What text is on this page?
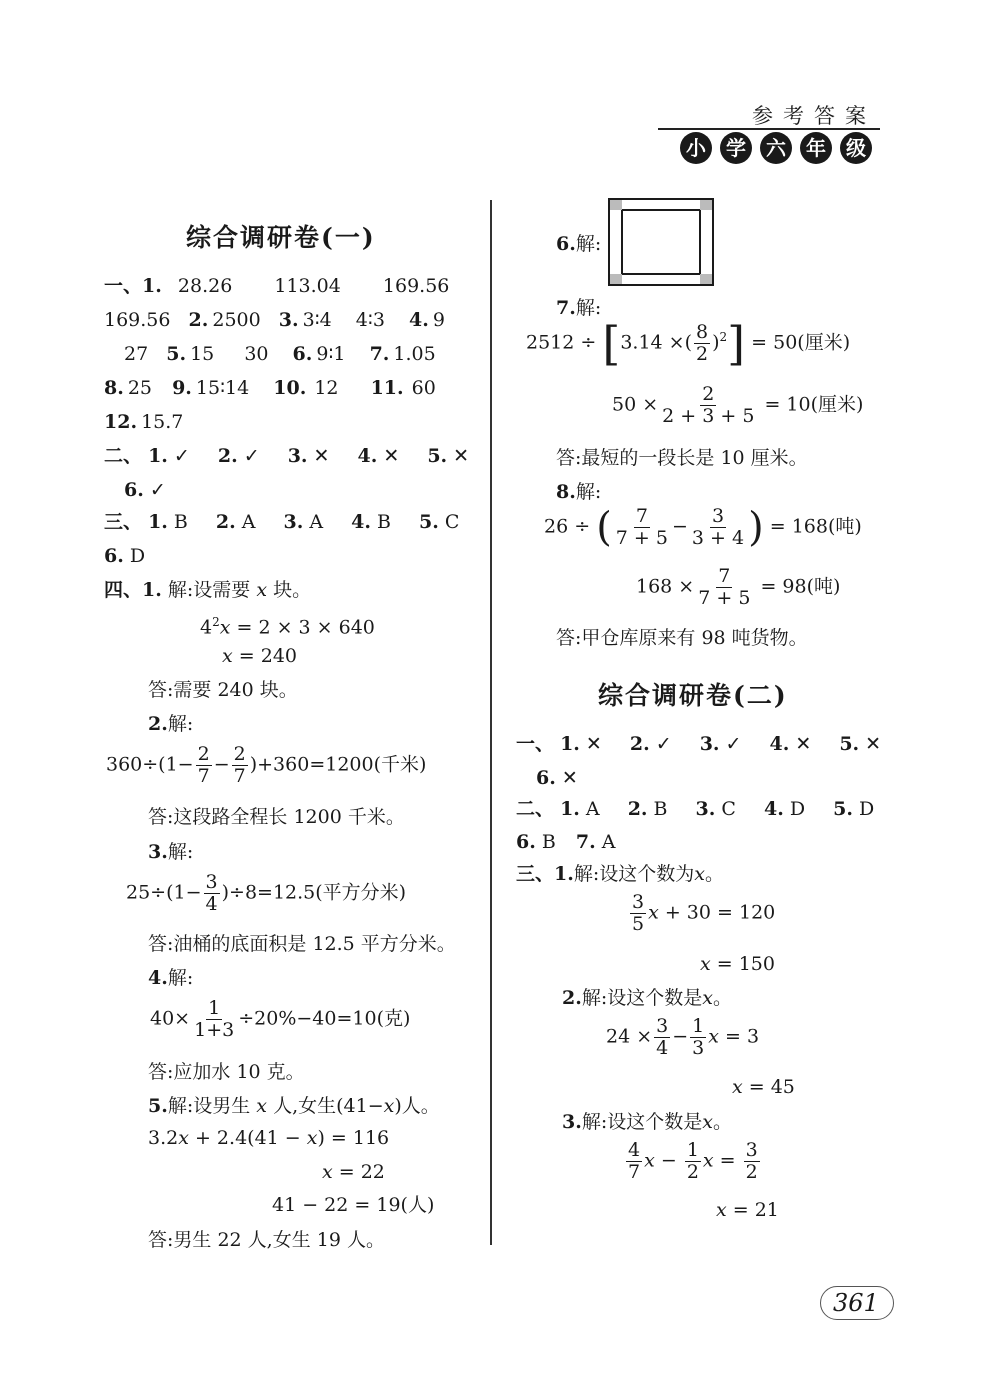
参考答案
小	学	六	年	级
综合调研卷(一)
一、1. 28.26 113.04 169.56
169.56 2. 2500 3. 3∶4 4∶3 4. 9
27 5. 15 30 6. 9∶1 7. 1.05
8. 25 9. 15∶14 10. 12 11. 60
12. 15.7
二、 1. ✓ 2. ✓ 3. ✕ 4. ✕ 5. ✕
6. ✓
三、 1. B 2. A 3. A 4. B 5. C
6. D
四、1. 解:设需要 x 块。
$4^2x = 2 \times 3 \times 640$
x = 240
答:需要 240 块。
2.解:
$360\div(1- \frac{2}{7} - \frac{2}{7} )+360=1200$(千米)
答:这段路全程长 1200 千米。
3.解:
$25\div(1- \frac{3}{4} )\div 8=12.5$(平方分米)
答:油桶的底面积是 12.5 平方分米。
4.解:
$40\times \frac{1}{1+3} \div 20\%-40=10$(克)
答:应加水 10 克。
5.解:设男生 x 人,女生(41−x)人。
3.2x + 2.4(41 − x) = 116
x = 22
41 − 22 = 19(人)
答:男生 22 人,女生 19 人。
6.解:
7.解:
2512 ÷ [3.14 ×( $\frac{8}{2} )^2] = 50$(厘米)
$50 \times \frac{2}{2 + 3 + 5} = 10$(厘米)
答:最短的一段长是 10 厘米。
8.解:
26 ÷ ( $\frac{7}{7 + 5} - \frac{3}{3 + 4}$ ) = 168(吨)
$168 \times \frac{7}{7 + 5} = 98$(吨)
答:甲仓库原来有 98 吨货物。
综合调研卷(二)
一、 1. ✕ 2. ✓ 3. ✓ 4. ✕ 5. ✕
6. ✕
二、 1. A 2. B 3. C 4. D 5. D
6. B 7. A
三、1.解:设这个数为x。
$\frac{3}{5}$ x + 30 = 120
x = 150
2.解:设这个数是x。
$24 \times \frac{3}{4} - \frac{1}{3}$ x = 3
x = 45
3.解:设这个数是x。
$\frac{4}{7}$ $x - \frac{1}{2}$ $x = \frac{3}{2}$
x = 21
361
